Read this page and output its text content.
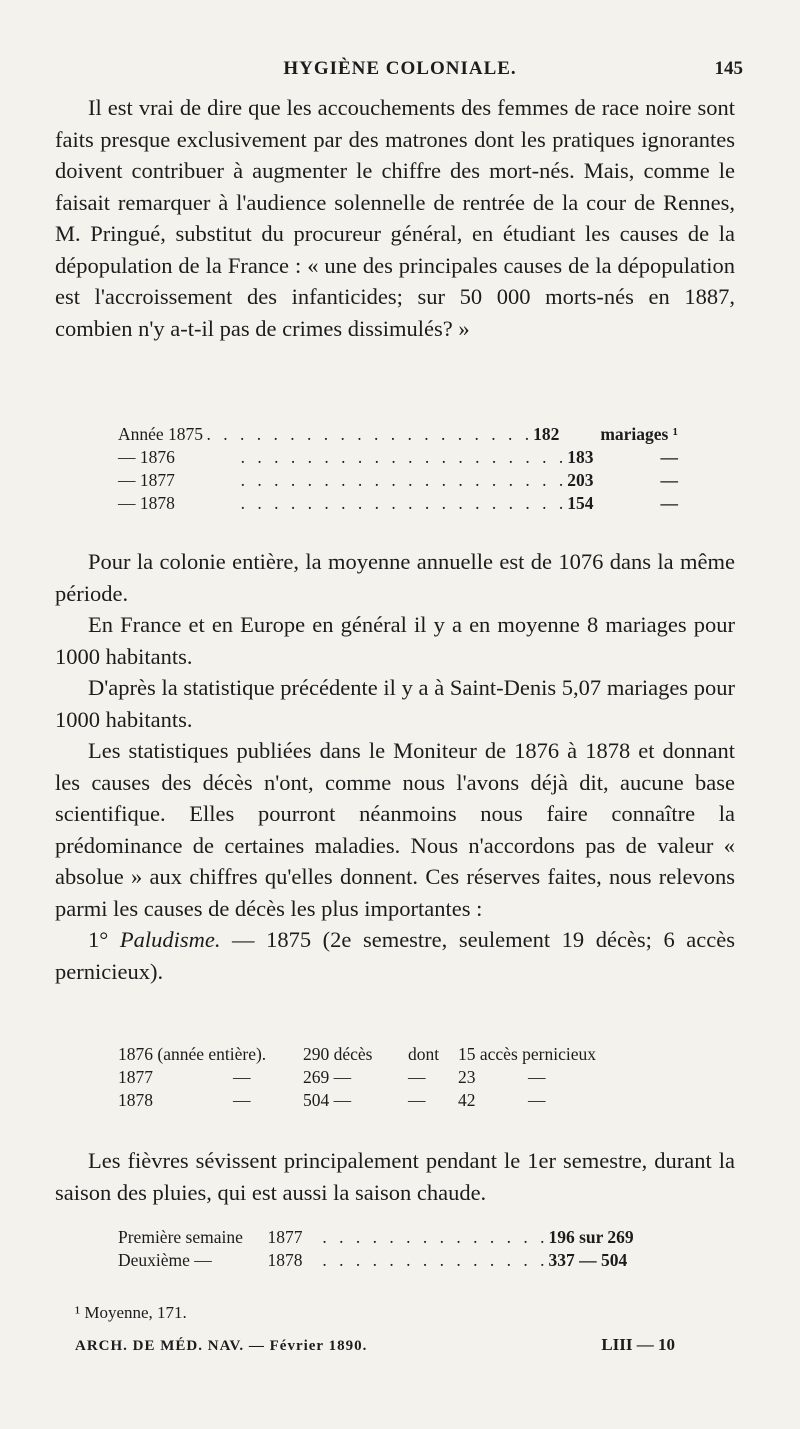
HYGIÈNE COLONIALE.	145
Il est vrai de dire que les accouchements des femmes de race noire sont faits presque exclusivement par des matrones dont les pratiques ignorantes doivent contribuer à augmenter le chiffre des mort-nés. Mais, comme le faisait remarquer à l'audience solennelle de rentrée de la cour de Rennes, M. Pringué, substitut du procureur général, en étudiant les causes de la dépopulation de la France : « une des principales causes de la dépopulation est l'accroissement des infanticides; sur 50 000 morts-nés en 1887, combien n'y a-t-il pas de crimes dissimulés? »
Année 1875 . . . . . . . . . . . . . . . . . . . . 182	mariages ¹
— 1876	. . . . . . . . . . . . . . . . . . . . 183	—
— 1877	. . . . . . . . . . . . . . . . . . . . 203	—
— 1878	. . . . . . . . . . . . . . . . . . . . 154	—
Pour la colonie entière, la moyenne annuelle est de 1076 dans la même période.
En France et en Europe en général il y a en moyenne 8 mariages pour 1000 habitants.
D'après la statistique précédente il y a à Saint-Denis 5,07 mariages pour 1000 habitants.
Les statistiques publiées dans le Moniteur de 1876 à 1878 et donnant les causes des décès n'ont, comme nous l'avons déjà dit, aucune base scientifique. Elles pourront néanmoins nous faire connaître la prédominance de certaines maladies. Nous n'accordons pas de valeur « absolue » aux chiffres qu'elles donnent. Ces réserves faites, nous relevons parmi les causes de décès les plus importantes :
1° Paludisme. — 1875 (2e semestre, seulement 19 décès; 6 accès pernicieux).
1876 (année entière).	290 décès	dont	15 accès pernicieux
1877	—	269 —	—	23	—
1878	—	504 —	—	42	—
Les fièvres sévissent principalement pendant le 1er semestre, durant la saison des pluies, qui est aussi la saison chaude.
Première semaine	1877	. . . . . . . . . . . . . . 196 sur 269
Deuxième —	1878	. . . . . . . . . . . . . . 337 — 504
¹ Moyenne, 171.
ARCH. DE MÉD. NAV. — Février 1890.	LIII — 10
